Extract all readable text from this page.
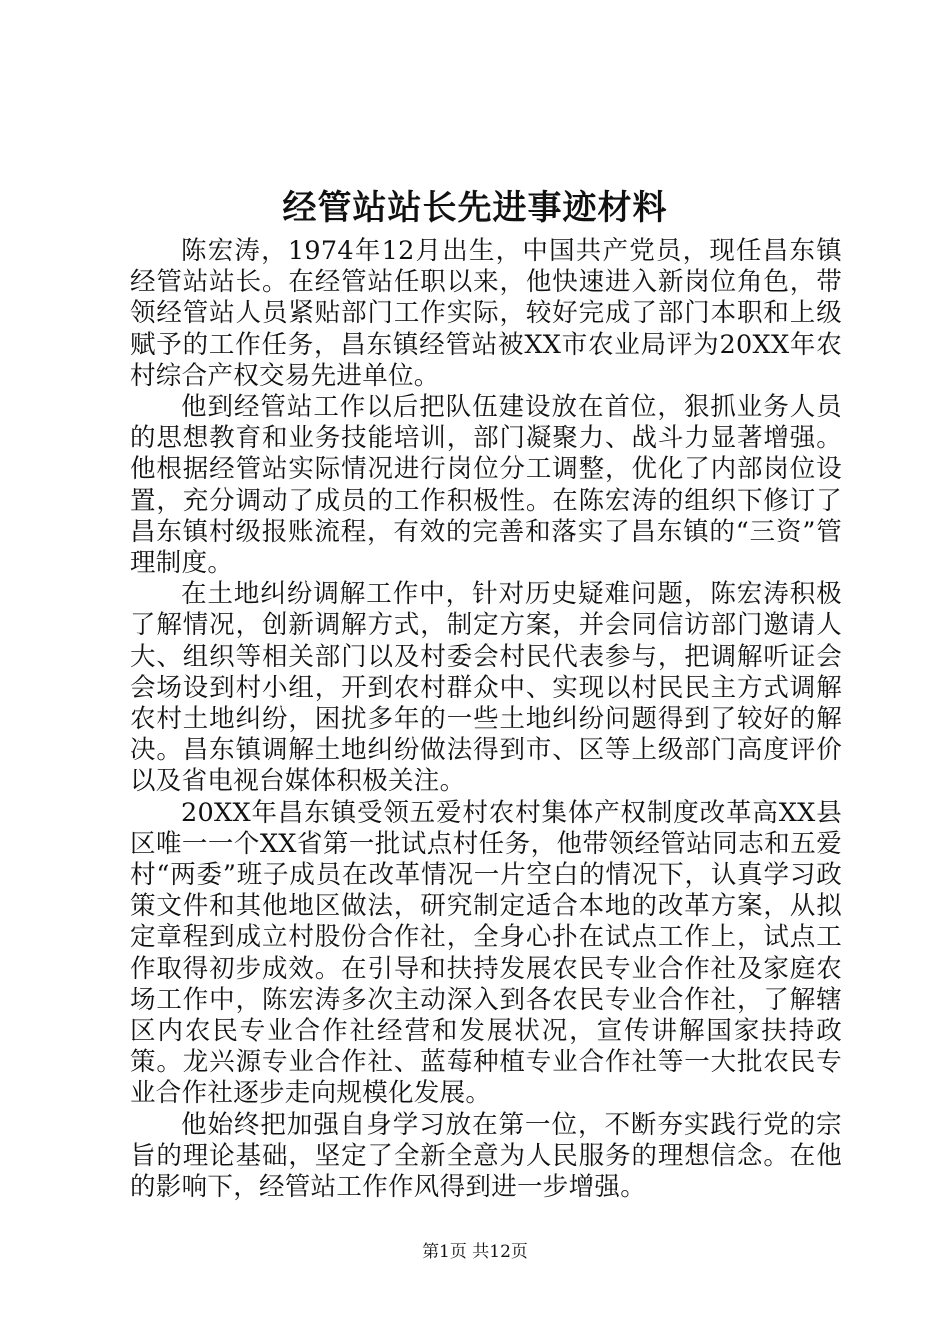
经管站站长先进事迹材料

陈宏涛，1974年12月出生，中国共产党员，现任昌东镇经管站站长。在经管站任职以来，他快速进入新岗位角色，带领经管站人员紧贴部门工作实际，较好完成了部门本职和上级赋予的工作任务，昌东镇经管站被XX市农业局评为20XX年农村综合产权交易先进单位。

他到经管站工作以后把队伍建设放在首位，狠抓业务人员的思想教育和业务技能培训，部门凝聚力、战斗力显著增强。他根据经管站实际情况进行岗位分工调整，优化了内部岗位设置，充分调动了成员的工作积极性。在陈宏涛的组织下修订了昌东镇村级报账流程，有效的完善和落实了昌东镇的“三资”管理制度。

在土地纠纷调解工作中，针对历史疑难问题，陈宏涛积极了解情况，创新调解方式，制定方案，并会同信访部门邀请人大、组织等相关部门以及村委会村民代表参与，把调解听证会会场设到村小组，开到农村群众中、实现以村民民主方式调解农村土地纠纷，困扰多年的一些土地纠纷问题得到了较好的解决。昌东镇调解土地纠纷做法得到市、区等上级部门高度评价以及省电视台媒体积极关注。

20XX年昌东镇受领五爱村农村集体产权制度改革高XX县区唯一一个XX省第一批试点村任务，他带领经管站同志和五爱村“两委”班子成员在改革情况一片空白的情况下，认真学习政策文件和其他地区做法，研究制定适合本地的改革方案，从拟定章程到成立村股份合作社，全身心扑在试点工作上，试点工作取得初步成效。在引导和扶持发展农民专业合作社及家庭农场工作中，陈宏涛多次主动深入到各农民专业合作社，了解辖区内农民专业合作社经营和发展状况，宣传讲解国家扶持政策。龙兴源专业合作社、蓝莓种植专业合作社等一大批农民专业合作社逐步走向规模化发展。

他始终把加强自身学习放在第一位，不断夯实践行党的宗旨的理论基础，坚定了全新全意为人民服务的理想信念。在他的影响下，经管站工作作风得到进一步增强。

第1页 共12页
